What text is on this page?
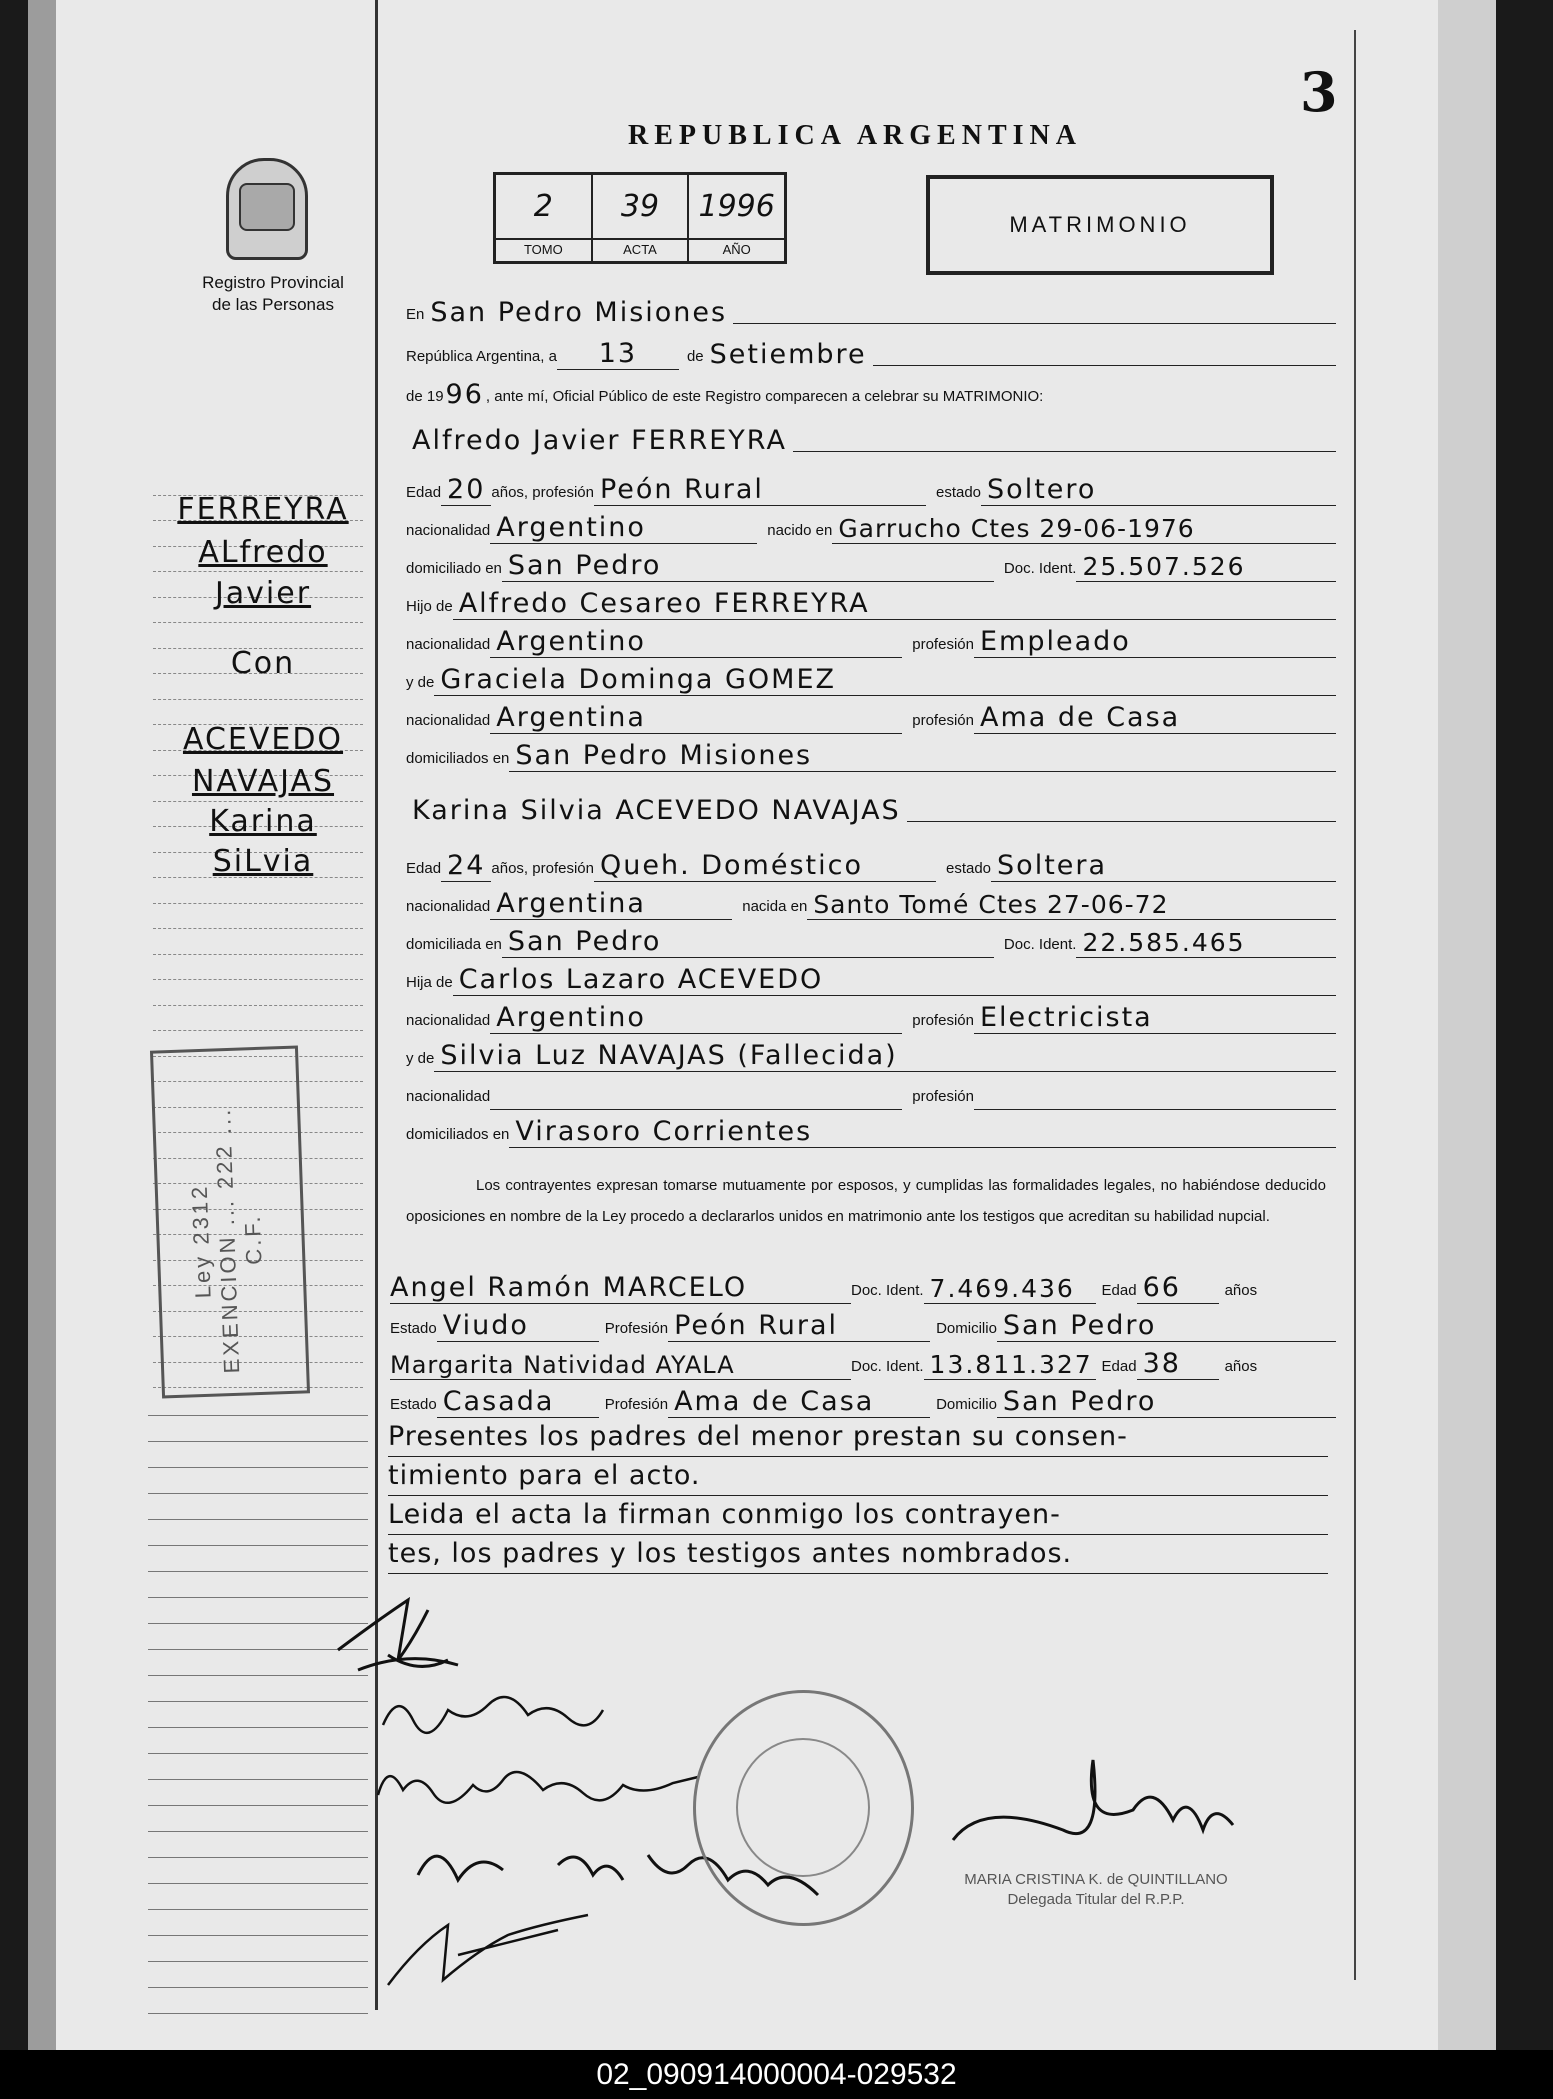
3
REPUBLICA ARGENTINA
Registro Provincial
de las Personas
2
TOMO
39
ACTA
1996
AÑO
MATRIMONIO
FERREYRA
ALfredo
Javier
Con
ACEVEDO
NAVAJAS
Karina
SiLvia
Ley 2312
EXENCION ... 222 ... C.F.
En San Pedro Misiones
República Argentina, a	13	de Setiembre
de 19 96 , ante mí, Oficial Público de este Registro comparecen a celebrar su MATRIMONIO:
Alfredo Javier FERREYRA
Edad 20 años, profesión Peón Rural	estado Soltero
nacionalidad Argentino	nacido en Garrucho Ctes 29-06-1976
domiciliado en San Pedro	Doc. Ident. 25.507.526
Hijo de Alfredo Cesareo FERREYRA
nacionalidad Argentino	profesión Empleado
y de Graciela Dominga GOMEZ
nacionalidad Argentina	profesión Ama de Casa
domiciliados en San Pedro Misiones
Karina Silvia ACEVEDO NAVAJAS
Edad 24 años, profesión Queh. Doméstico	estado Soltera
nacionalidad Argentina	nacida en Santo Tomé Ctes 27-06-72
domiciliada en San Pedro	Doc. Ident. 22.585.465
Hija de Carlos Lazaro ACEVEDO
nacionalidad Argentino	profesión Electricista
y de Silvia Luz NAVAJAS (Fallecida)
nacionalidad	profesión
domiciliados en Virasoro Corrientes
Los contrayentes expresan tomarse mutuamente por esposos, y cumplidas las formalidades legales, no habiéndose deducido oposiciones en nombre de la Ley procedo a declararlos unidos en matrimonio ante los testigos que acreditan su habilidad nupcial.
Angel Ramón MARCELO	Doc. Ident. 7.469.436	Edad 66	años
Estado Viudo	Profesión Peón Rural	Domicilio San Pedro
Margarita Natividad AYALA	Doc. Ident. 13.811.327 Edad 38	años
Estado Casada	Profesión Ama de Casa	Domicilio San Pedro
Presentes los padres del menor prestan su consen-
timiento para el acto.
Leida el acta la firman conmigo los contrayen-
tes, los padres y los testigos antes nombrados.
MARIA CRISTINA K. de QUINTILLANO
Delegada Titular del R.P.P.
02_090914000004-029532
